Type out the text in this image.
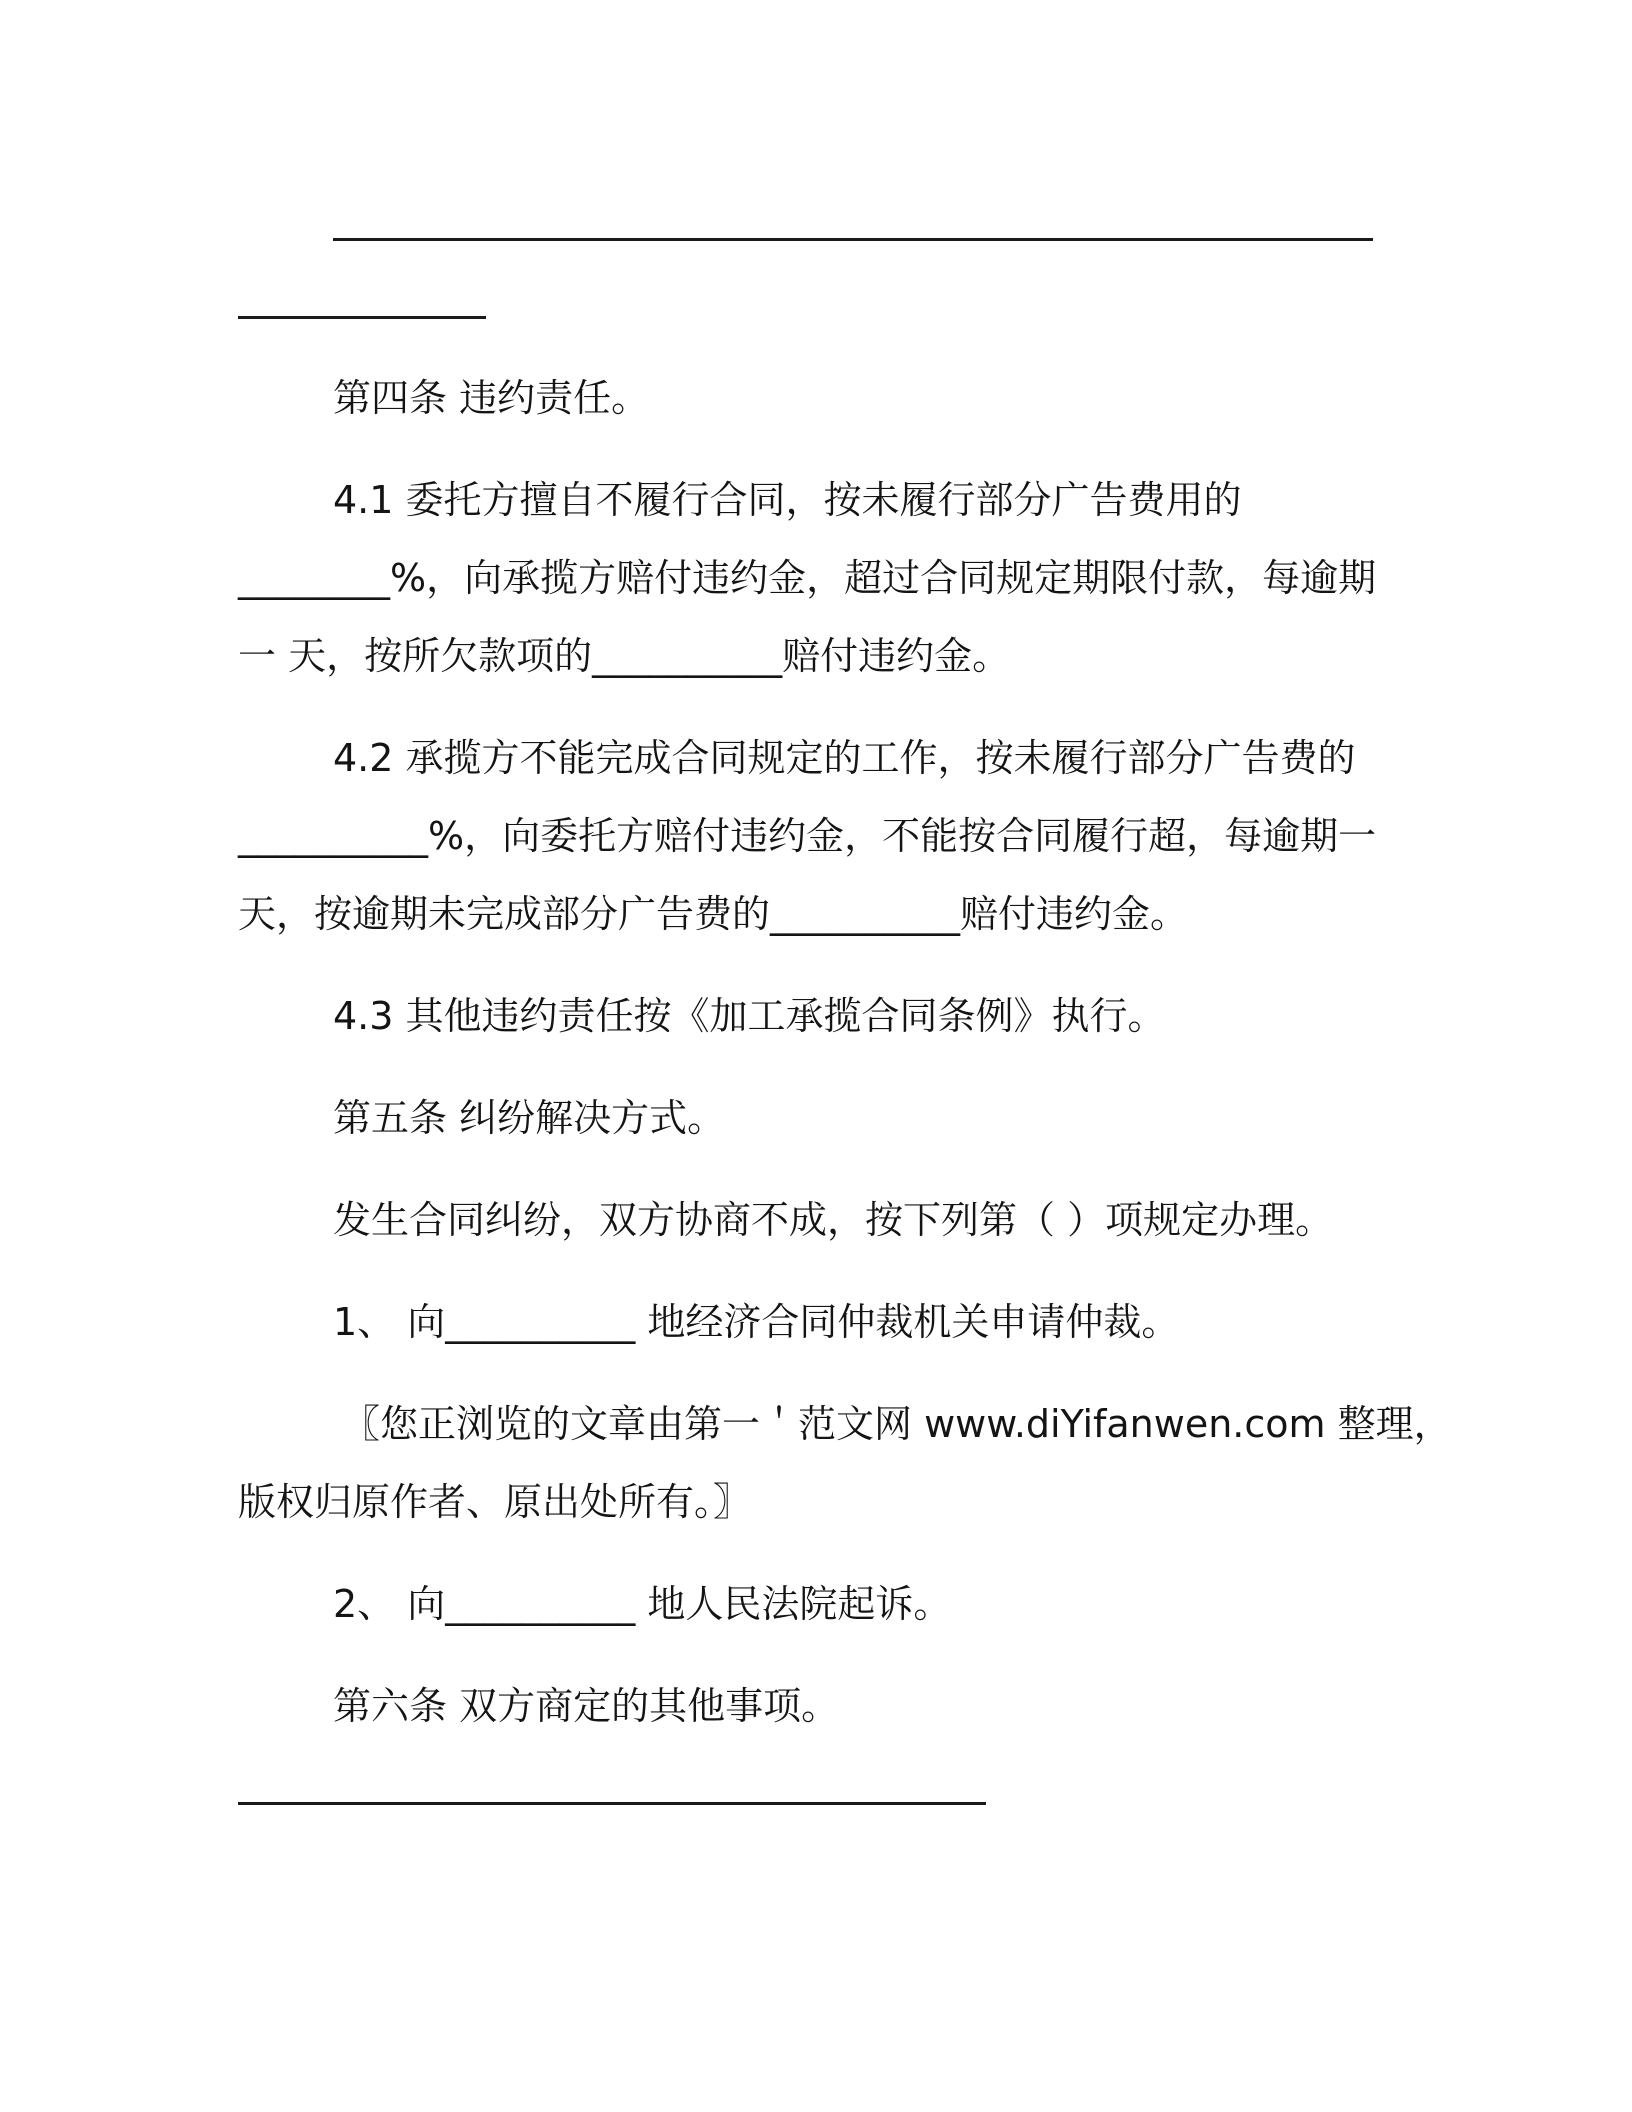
第四条 违约责任。

4.1 委托方擅自不履行合同，按未履行部分广告费用的

________%，向承揽方赔付违约金，超过合同规定期限付款，每逾期

一 天，按所欠款项的__________赔付违约金。

4.2 承揽方不能完成合同规定的工作，按未履行部分广告费的

__________%，向委托方赔付违约金，不能按合同履行超，每逾期一

天，按逾期未完成部分广告费的__________赔付违约金。

4.3 其他违约责任按《加工承揽合同条例》执行。

第五条 纠纷解决方式。

发生合同纠纷，双方协商不成，按下列第（ ）项规定办理。

1、 向__________ 地经济合同仲裁机关申请仲裁。

〖您正浏览的文章由第一＇范文网 www.diYifanwen.com 整理，

版权归原作者、原出处所有。〗

2、 向__________ 地人民法院起诉。

第六条 双方商定的其他事项。
